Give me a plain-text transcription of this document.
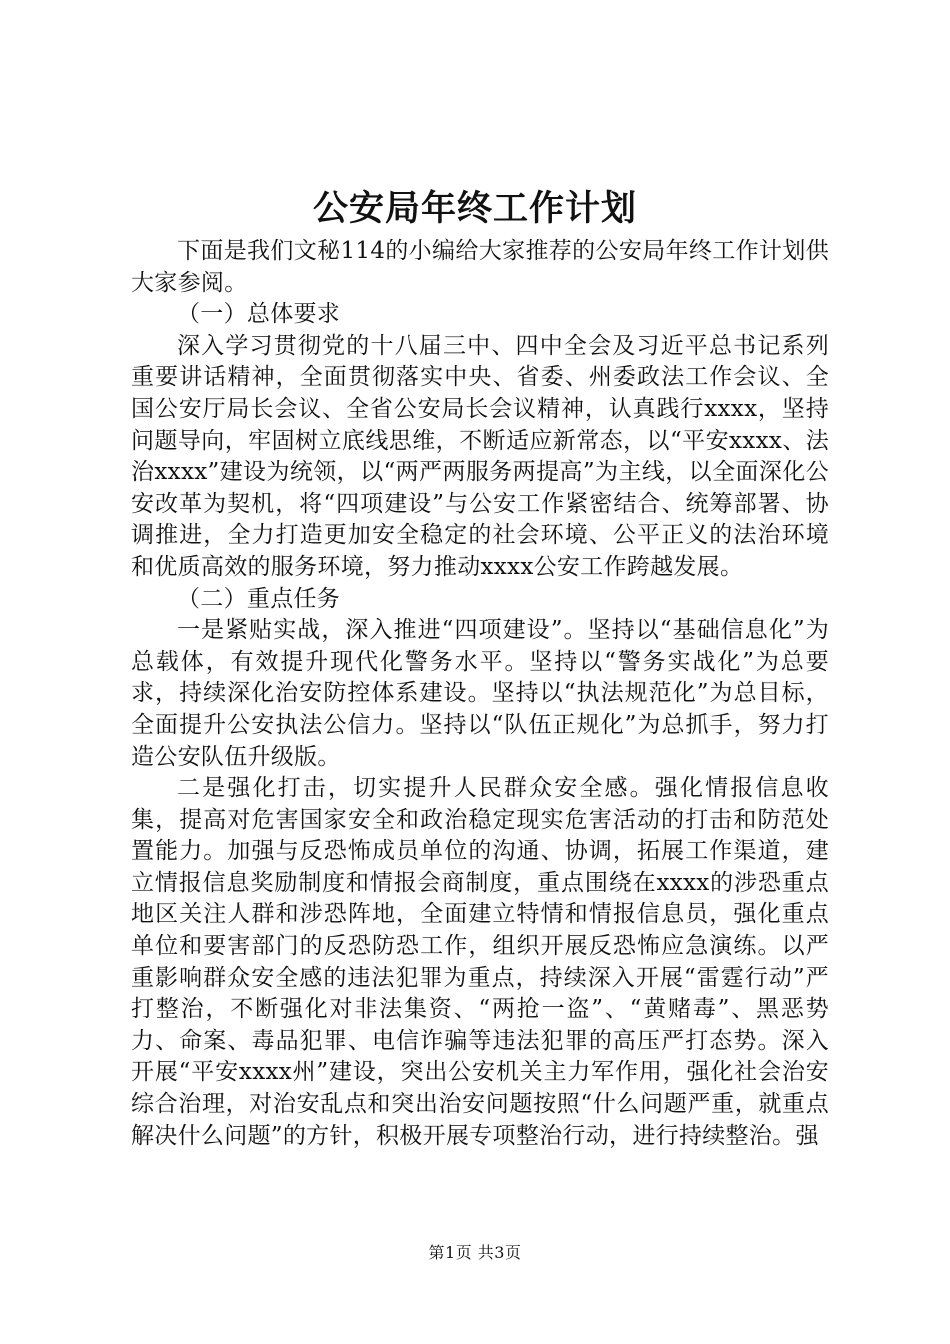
公安局年终工作计划

下面是我们文秘114的小编给大家推荐的公安局年终工作计划供大家参阅。

（一）总体要求

深入学习贯彻党的十八届三中、四中全会及习近平总书记系列重要讲话精神，全面贯彻落实中央、省委、州委政法工作会议、全国公安厅局长会议、全省公安局长会议精神，认真践行xxxx，坚持问题导向，牢固树立底线思维，不断适应新常态，以“平安xxxx、法治xxxx”建设为统领，以“两严两服务两提高”为主线，以全面深化公安改革为契机，将“四项建设”与公安工作紧密结合、统筹部署、协调推进，全力打造更加安全稳定的社会环境、公平正义的法治环境和优质高效的服务环境，努力推动xxxx公安工作跨越发展。

（二）重点任务

一是紧贴实战，深入推进“四项建设”。坚持以“基础信息化”为总载体，有效提升现代化警务水平。坚持以“警务实战化”为总要求，持续深化治安防控体系建设。坚持以“执法规范化”为总目标，全面提升公安执法公信力。坚持以“队伍正规化”为总抓手，努力打造公安队伍升级版。

二是强化打击，切实提升人民群众安全感。强化情报信息收集，提高对危害国家安全和政治稳定现实危害活动的打击和防范处置能力。加强与反恐怖成员单位的沟通、协调，拓展工作渠道，建立情报信息奖励制度和情报会商制度，重点围绕在xxxx的涉恐重点地区关注人群和涉恐阵地，全面建立特情和情报信息员，强化重点单位和要害部门的反恐防恐工作，组织开展反恐怖应急演练。以严重影响群众安全感的违法犯罪为重点，持续深入开展“雷霆行动”严打整治，不断强化对非法集资、“两抢一盗”、“黄赌毒”、黑恶势力、命案、毒品犯罪、电信诈骗等违法犯罪的高压严打态势。深入开展“平安xxxx州”建设，突出公安机关主力军作用，强化社会治安综合治理，对治安乱点和突出治安问题按照“什么问题严重，就重点解决什么问题”的方针，积极开展专项整治行动，进行持续整治。强

第1页 共3页
